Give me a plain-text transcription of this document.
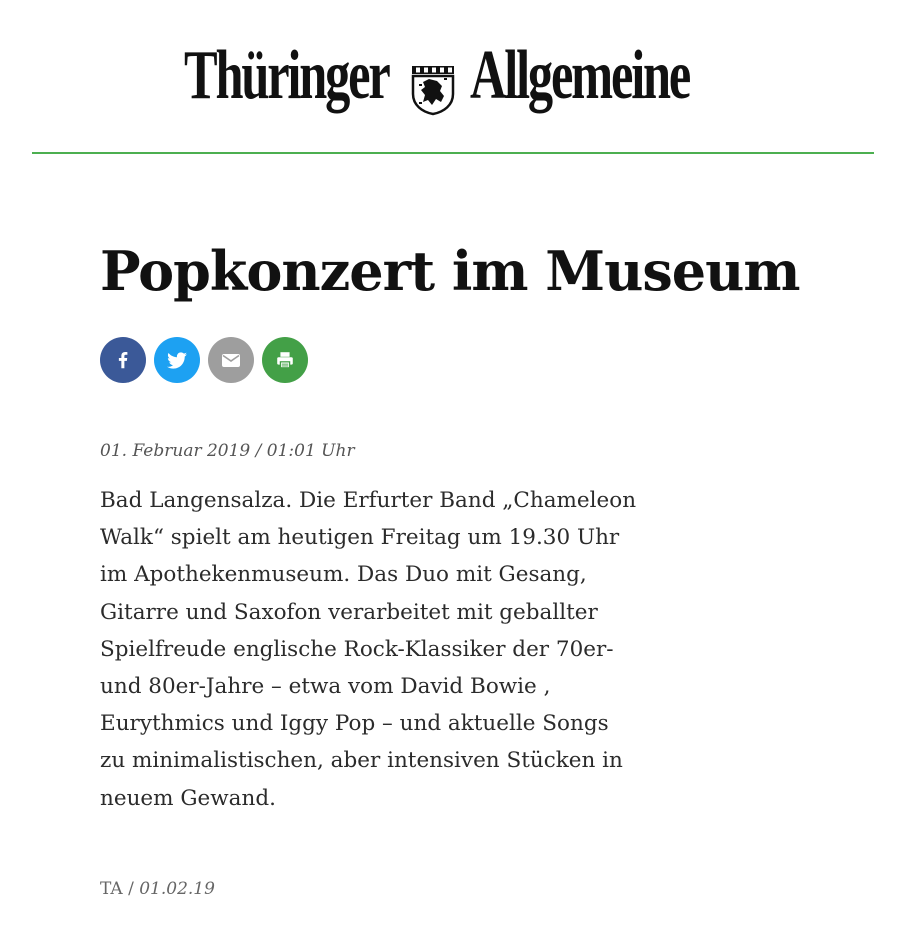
Thüringer Allgemeine
Popkonzert im Museum
01. Februar 2019 / 01:01 Uhr
Bad Langensalza. Die Erfurter Band „Chameleon
Walk“ spielt am heutigen Freitag um 19.30 Uhr
im Apothekenmuseum. Das Duo mit Gesang,
Gitarre und Saxofon verarbeitet mit geballter
Spielfreude englische Rock-Klassiker der 70er-
und 80er-Jahre – etwa vom David Bowie ,
Eurythmics und Iggy Pop – und aktuelle Songs
zu minimalistischen, aber intensiven Stücken in
neuem Gewand.
TA / 01.02.19
